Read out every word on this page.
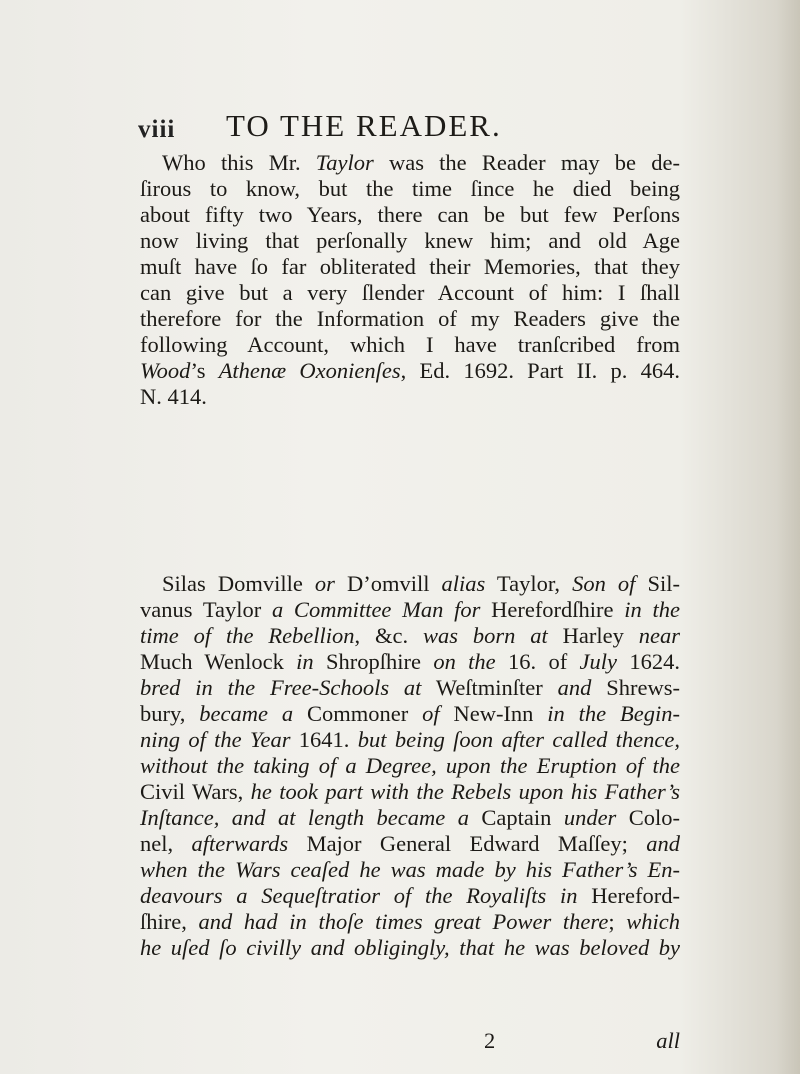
viii TO THE READER.
Who this Mr. Taylor was the Reader may be de-
ſirous to know, but the time ſince he died being
about fifty two Years, there can be but few Perſons
now living that perſonally knew him; and old Age
muſt have ſo far obliterated their Memories, that they
can give but a very ſlender Account of him: I ſhall
therefore for the Information of my Readers give the
following Account, which I have tranſcribed from
Wood’s Athenæ Oxonienſes, Ed. 1692. Part II. p. 464.
N. 414.
Silas Domville or D’omvill alias Taylor, Son of Sil-
vanus Taylor a Committee Man for Herefordſhire in the
time of the Rebellion, &c. was born at Harley near
Much Wenlock in Shropſhire on the 16. of July 1624.
bred in the Free-Schools at Weſtminſter and Shrews-
bury, became a Commoner of New-Inn in the Begin-
ning of the Year 1641. but being ſoon after called thence,
without the taking of a Degree, upon the Eruption of the
Civil Wars, he took part with the Rebels upon his Father’s
Inſtance, and at length became a Captain under Colo-
nel, afterwards Major General Edward Maſſey; and
when the Wars ceaſed he was made by his Father’s En-
deavours a Sequeſtratior of the Royaliſts in Hereford-
ſhire, and had in thoſe times great Power there; which
he uſed ſo civilly and obligingly, that he was beloved by
2	all
